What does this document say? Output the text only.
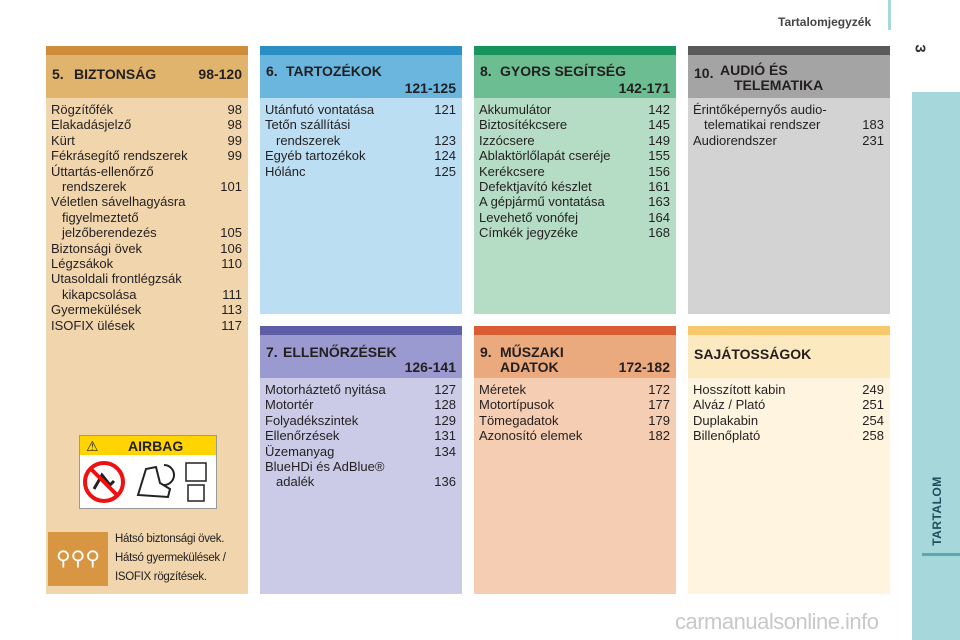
Tartalomjegyzék
3
TARTALOM
5. BIZTONSÁG	98-120
Rögzítőfék	98
Elakadásjelző	98
Kürt	99
Fékrásegítő rendszerek	99
Úttartás-ellenőrző
rendszerek	101
Véletlen sávelhagyásra
figyelmeztető
jelzőberendezés	105
Biztonsági övek	106
Légzsákok	110
Utasoldali frontlégzsák
kikapcsolása	111
Gyermekülések	113
ISOFIX ülések	117
6. TARTOZÉKOK
121-125
Utánfutó vontatása	121
Tetőn szállítási
rendszerek	123
Egyéb tartozékok	124
Hólánc	125
8. GYORS SEGÍTSÉG
142-171
Akkumulátor	142
Biztosítékcsere	145
Izzócsere	149
Ablaktörlőlapát cseréje	155
Kerékcsere	156
Defektjavító készlet	161
A gépjármű vontatása	163
Levehető vonófej	164
Címkék jegyzéke	168
10. AUDIÓ ÉS
TELEMATIKA
Érintőképernyős audio-
telematikai rendszer	183
Audiorendszer	231
7. ELLENŐRZÉSEK
126-141
Motorháztető nyitása	127
Motortér	128
Folyadékszintek	129
Ellenőrzések	131
Üzemanyag	134
BlueHDi és AdBlue®
adalék	136
9. MŰSZAKI
ADATOK	172-182
Méretek	172
Motortípusok	177
Tömegadatok	179
Azonosító elemek	182
SAJÁTOSSÁGOK
Hosszított kabin	249
Alváz / Plató	251
Duplakabin	254
Billenőplató	258
⚠ AIRBAG
⚲⚲⚲
Hátsó biztonsági övek.
Hátsó gyermekülések /
ISOFIX rögzítések.
carmanualsonline.info
